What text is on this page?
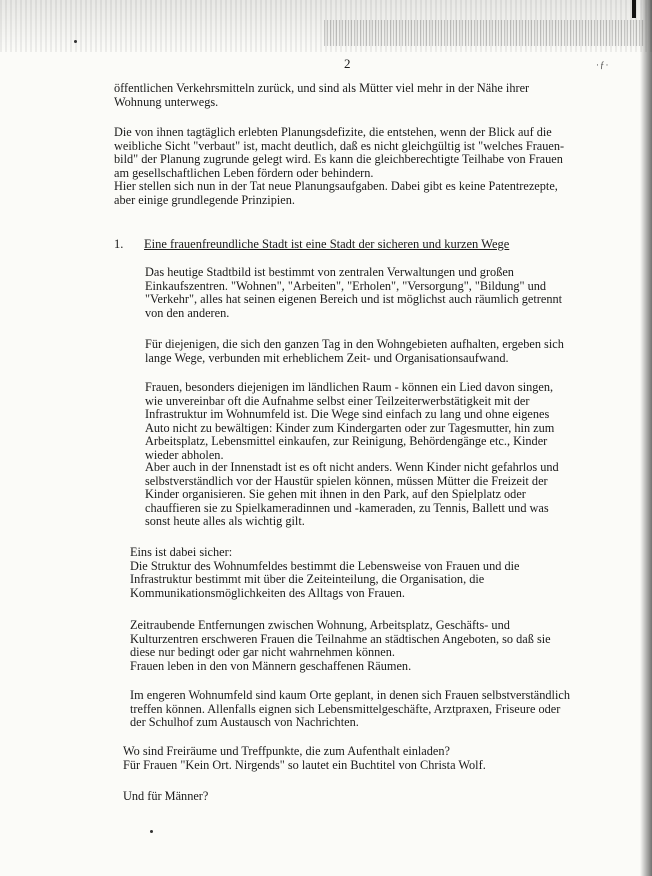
2	·ƒ·

öffentlichen Verkehrsmitteln zurück, und sind als Mütter viel mehr in der Nähe ihrer Wohnung unterwegs.

Die von ihnen tagtäglich erlebten Planungsdefizite, die entstehen, wenn der Blick auf die

weibliche Sicht "verbaut" ist, macht deutlich, daß es nicht gleichgültig ist "welches Frauen-

bild" der Planung zugrunde gelegt wird. Es kann die gleichberechtigte Teilhabe von Frauen

am gesellschaftlichen Leben fördern oder behindern.

Hier stellen sich nun in der Tat neue Planungsaufgaben. Dabei gibt es keine Patentrezepte,

aber einige grundlegende Prinzipien.

1. Eine frauenfreundliche Stadt ist eine Stadt der sicheren und kurzen Wege

Das heutige Stadtbild ist bestimmt von zentralen Verwaltungen und großen Einkaufszentren. "Wohnen", "Arbeiten", "Erholen", "Versorgung", "Bildung" und "Verkehr", alles hat seinen eigenen Bereich und ist möglichst auch räumlich getrennt von den anderen.

Für diejenigen, die sich den ganzen Tag in den Wohngebieten aufhalten, ergeben sich lange Wege, verbunden mit erheblichem Zeit- und Organisationsaufwand.

Frauen, besonders diejenigen im ländlichen Raum - können ein Lied davon singen, wie unvereinbar oft die Aufnahme selbst einer Teilzeiterwerbstätigkeit mit der Infrastruktur im Wohnumfeld ist. Die Wege sind einfach zu lang und ohne eigenes Auto nicht zu bewältigen: Kinder zum Kindergarten oder zur Tagesmutter, hin zum Arbeitsplatz, Lebensmittel einkaufen, zur Reinigung, Behördengänge etc., Kinder wieder abholen.

Aber auch in der Innenstadt ist es oft nicht anders. Wenn Kinder nicht gefahrlos und selbstverständlich vor der Haustür spielen können, müssen Mütter die Freizeit der Kinder organisieren. Sie gehen mit ihnen in den Park, auf den Spielplatz oder chauffieren sie zu Spielkameradinnen und -kameraden, zu Tennis, Ballett und was sonst heute alles als wichtig gilt.

Eins ist dabei sicher:
Die Struktur des Wohnumfeldes bestimmt die Lebensweise von Frauen und die Infrastruktur bestimmt mit über die Zeiteinteilung, die Organisation, die Kommunikationsmöglichkeiten des Alltags von Frauen.

Zeitraubende Entfernungen zwischen Wohnung, Arbeitsplatz, Geschäfts- und Kulturzentren erschweren Frauen die Teilnahme an städtischen Angeboten, so daß sie diese nur bedingt oder gar nicht wahrnehmen können.
Frauen leben in den von Männern geschaffenen Räumen.

Im engeren Wohnumfeld sind kaum Orte geplant, in denen sich Frauen selbstverständlich treffen können. Allenfalls eignen sich Lebensmittelgeschäfte, Arztpraxen, Friseure oder der Schulhof zum Austausch von Nachrichten.

Wo sind Freiräume und Treffpunkte, die zum Aufenthalt einladen?
Für Frauen "Kein Ort. Nirgends" so lautet ein Buchtitel von Christa Wolf.

Und für Männer?
